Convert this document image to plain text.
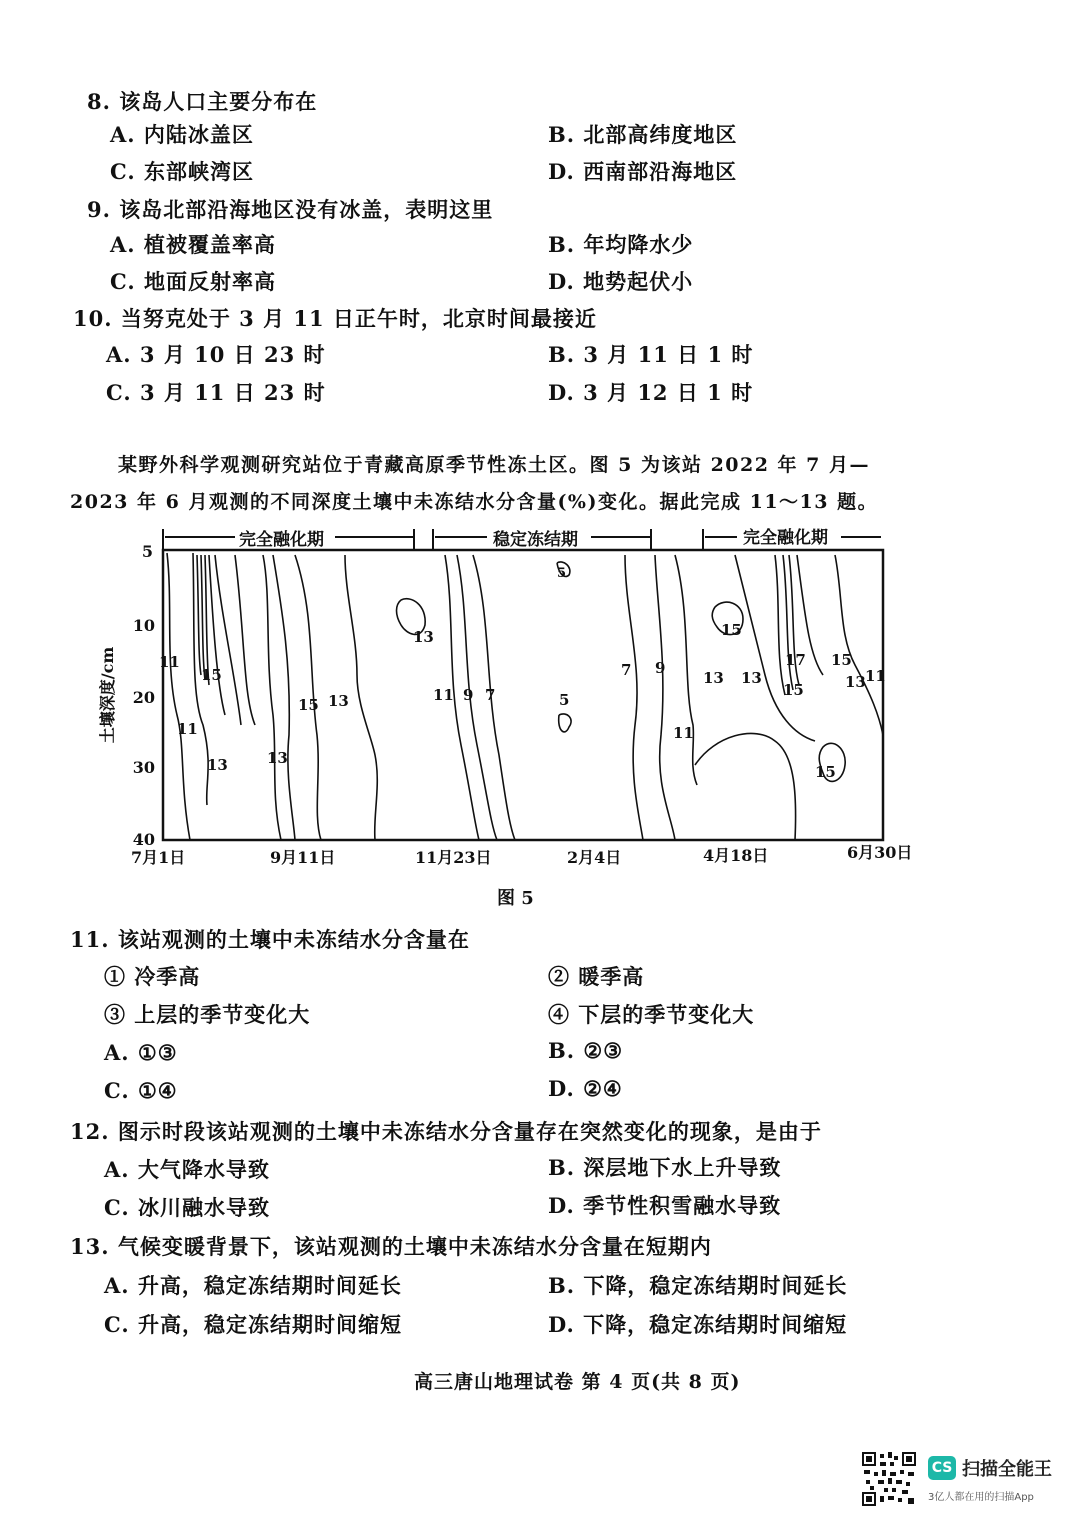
8. 该岛人口主要分布在
A. 内陆冰盖区	B. 北部高纬度地区
C. 东部峡湾区	D. 西南部沿海地区
9. 该岛北部沿海地区没有冰盖，表明这里
A. 植被覆盖率高	B. 年均降水少
C. 地面反射率高	D. 地势起伏小
10. 当努克处于 3 月 11 日正午时，北京时间最接近
A. 3 月 10 日 23 时	B. 3 月 11 日 1 时
C. 3 月 11 日 23 时	D. 3 月 12 日 1 时
某野外科学观测研究站位于青藏高原季节性冻土区。图 5 为该站 2022 年 7 月—
2023 年 6 月观测的不同深度土壤中未冻结水分含量(%)变化。据此完成 11～13 题。
完全融化期	稳定冻结期	完全融化期
13
11
15
11
13	13
15 13	11 9 7	5
5
7 9
11
15
13 13
15
17 15
13 11
15
土壤深度/cm
5
10
20
30
40
7月1日	9月11日	11月23日	2月4日	4月18日	6月30日
图 5
11. 该站观测的土壤中未冻结水分含量在
① 冷季高	② 暖季高
③ 上层的季节变化大	④ 下层的季节变化大
A. ①③	B. ②③
C. ①④	D. ②④
12. 图示时段该站观测的土壤中未冻结水分含量存在突然变化的现象，是由于
A. 大气降水导致	B. 深层地下水上升导致
C. 冰川融水导致	D. 季节性积雪融水导致
13. 气候变暖背景下，该站观测的土壤中未冻结水分含量在短期内
A. 升高，稳定冻结期时间延长	B. 下降，稳定冻结期时间延长
C. 升高，稳定冻结期时间缩短	D. 下降，稳定冻结期时间缩短
高三唐山地理试卷 第 4 页(共 8 页)
CS 扫描全能王
3亿人都在用的扫描App
